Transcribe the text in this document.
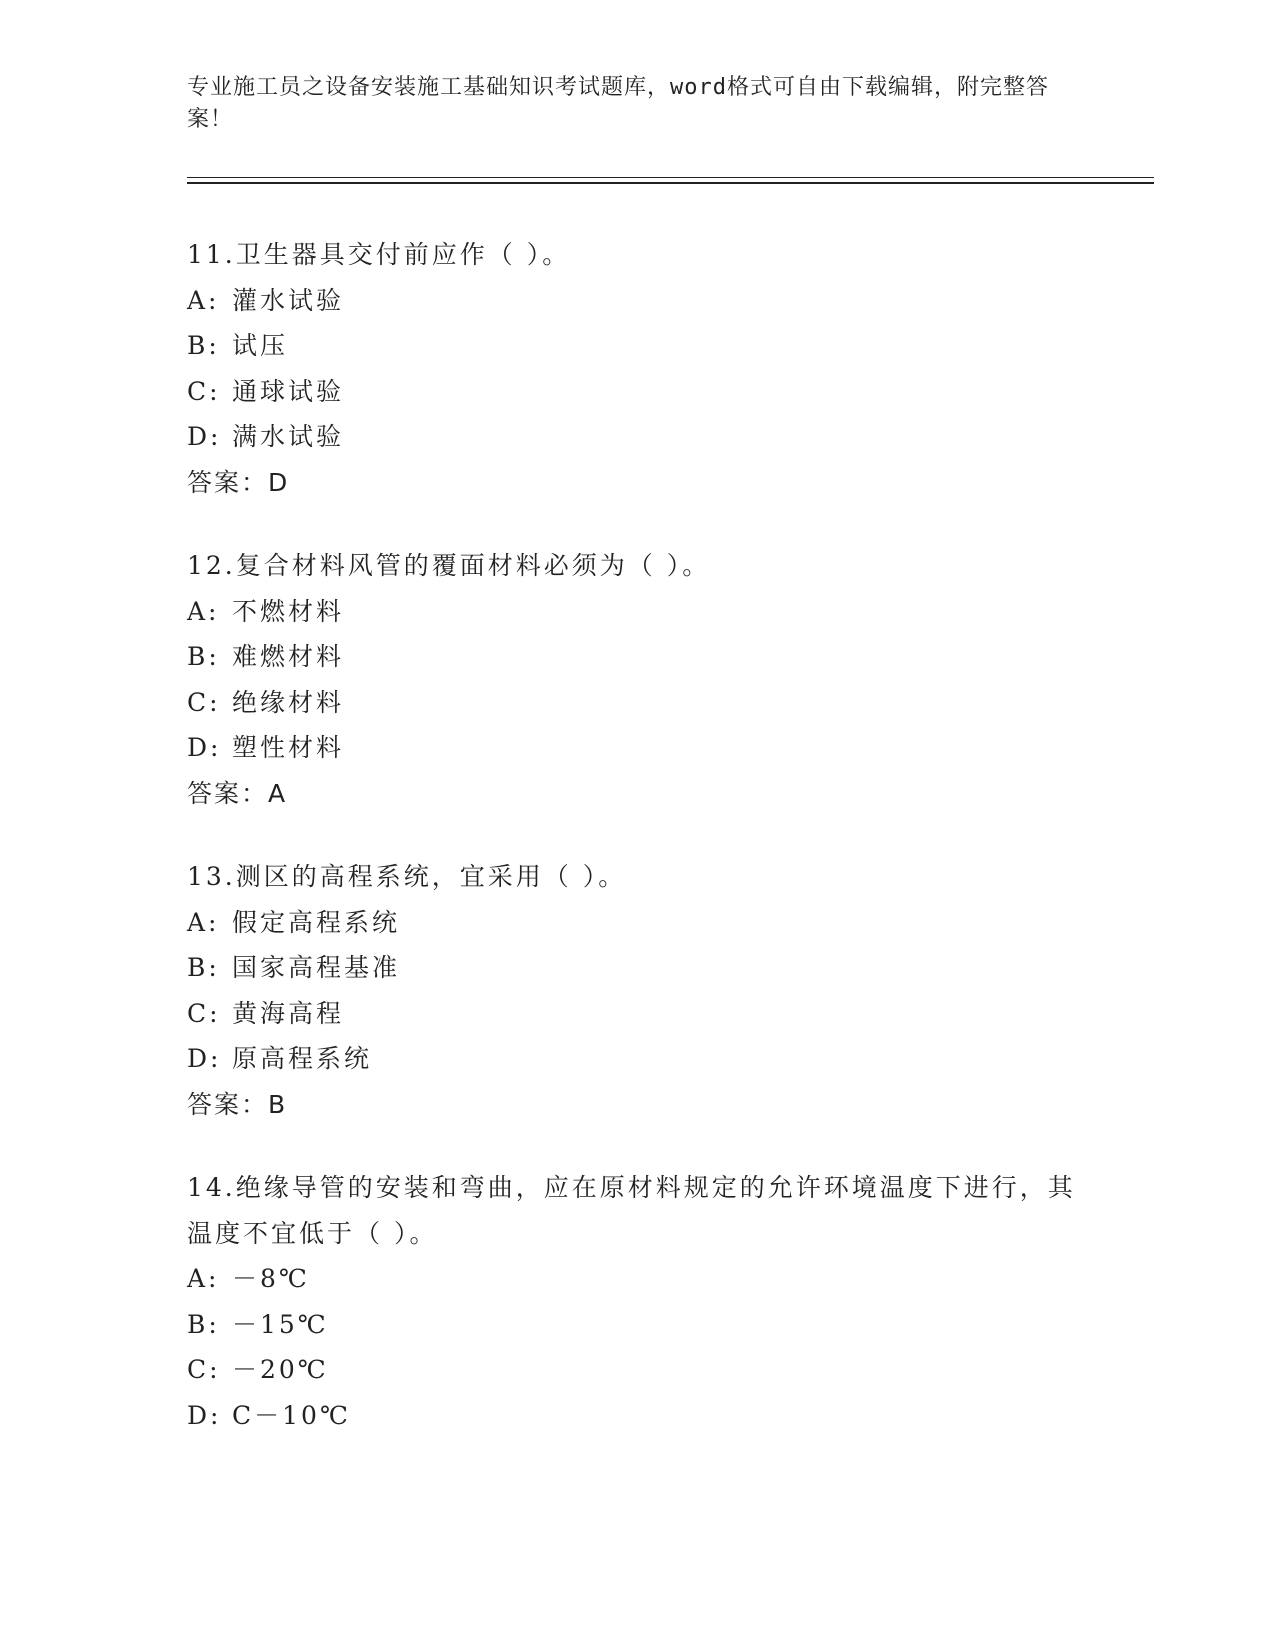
专业施工员之设备安装施工基础知识考试题库，word格式可自由下载编辑，附完整答案！
11.卫生器具交付前应作（ ）。
A: 灌水试验
B: 试压
C: 通球试验
D: 满水试验
答案：D
12.复合材料风管的覆面材料必须为（ ）。
A: 不燃材料
B: 难燃材料
C: 绝缘材料
D: 塑性材料
答案：A
13.测区的高程系统，宜采用（ ）。
A: 假定高程系统
B: 国家高程基准
C: 黄海高程
D: 原高程系统
答案：B
14.绝缘导管的安装和弯曲，应在原材料规定的允许环境温度下进行，其温度不宜低于（ ）。
A: －8℃
B: －15℃
C: －20℃
D: C－10℃
